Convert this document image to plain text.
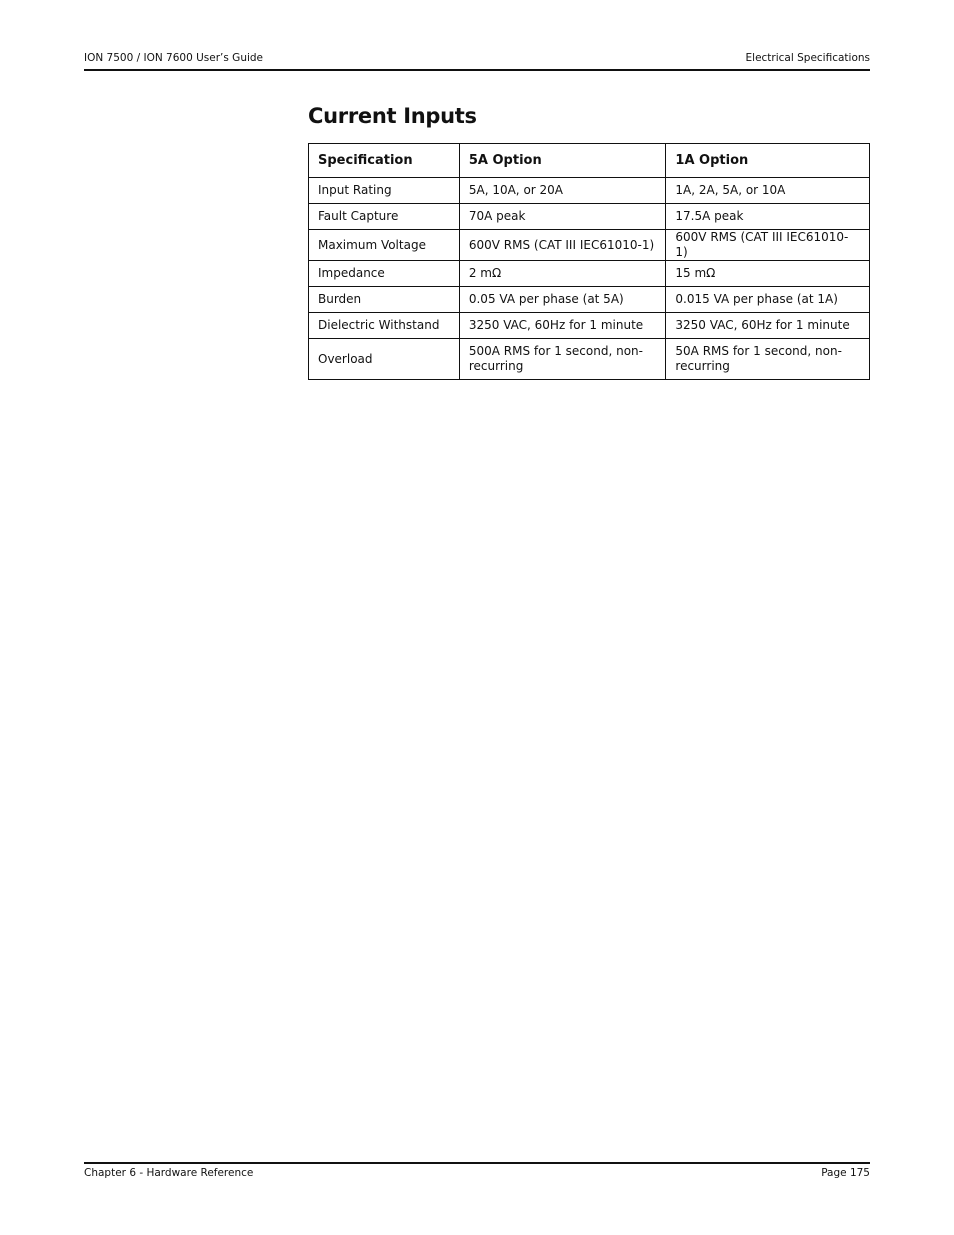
ION 7500 / ION 7600 User’s Guide	Electrical Specifications
Current Inputs
Specification	5A Option	1A Option
Input Rating	5A, 10A, or 20A	1A, 2A, 5A, or 10A
Fault Capture	70A peak	17.5A peak
Maximum Voltage	600V RMS (CAT III IEC61010-1)	600V RMS (CAT III IEC61010-1)
Impedance	2 mΩ	15 mΩ
Burden	0.05 VA per phase (at 5A)	0.015 VA per phase (at 1A)
Dielectric Withstand	3250 VAC, 60Hz for 1 minute	3250 VAC, 60Hz for 1 minute
Overload	500A RMS for 1 second, non-recurring	50A RMS for 1 second, non-recurring
Chapter 6 - Hardware Reference	Page 175
